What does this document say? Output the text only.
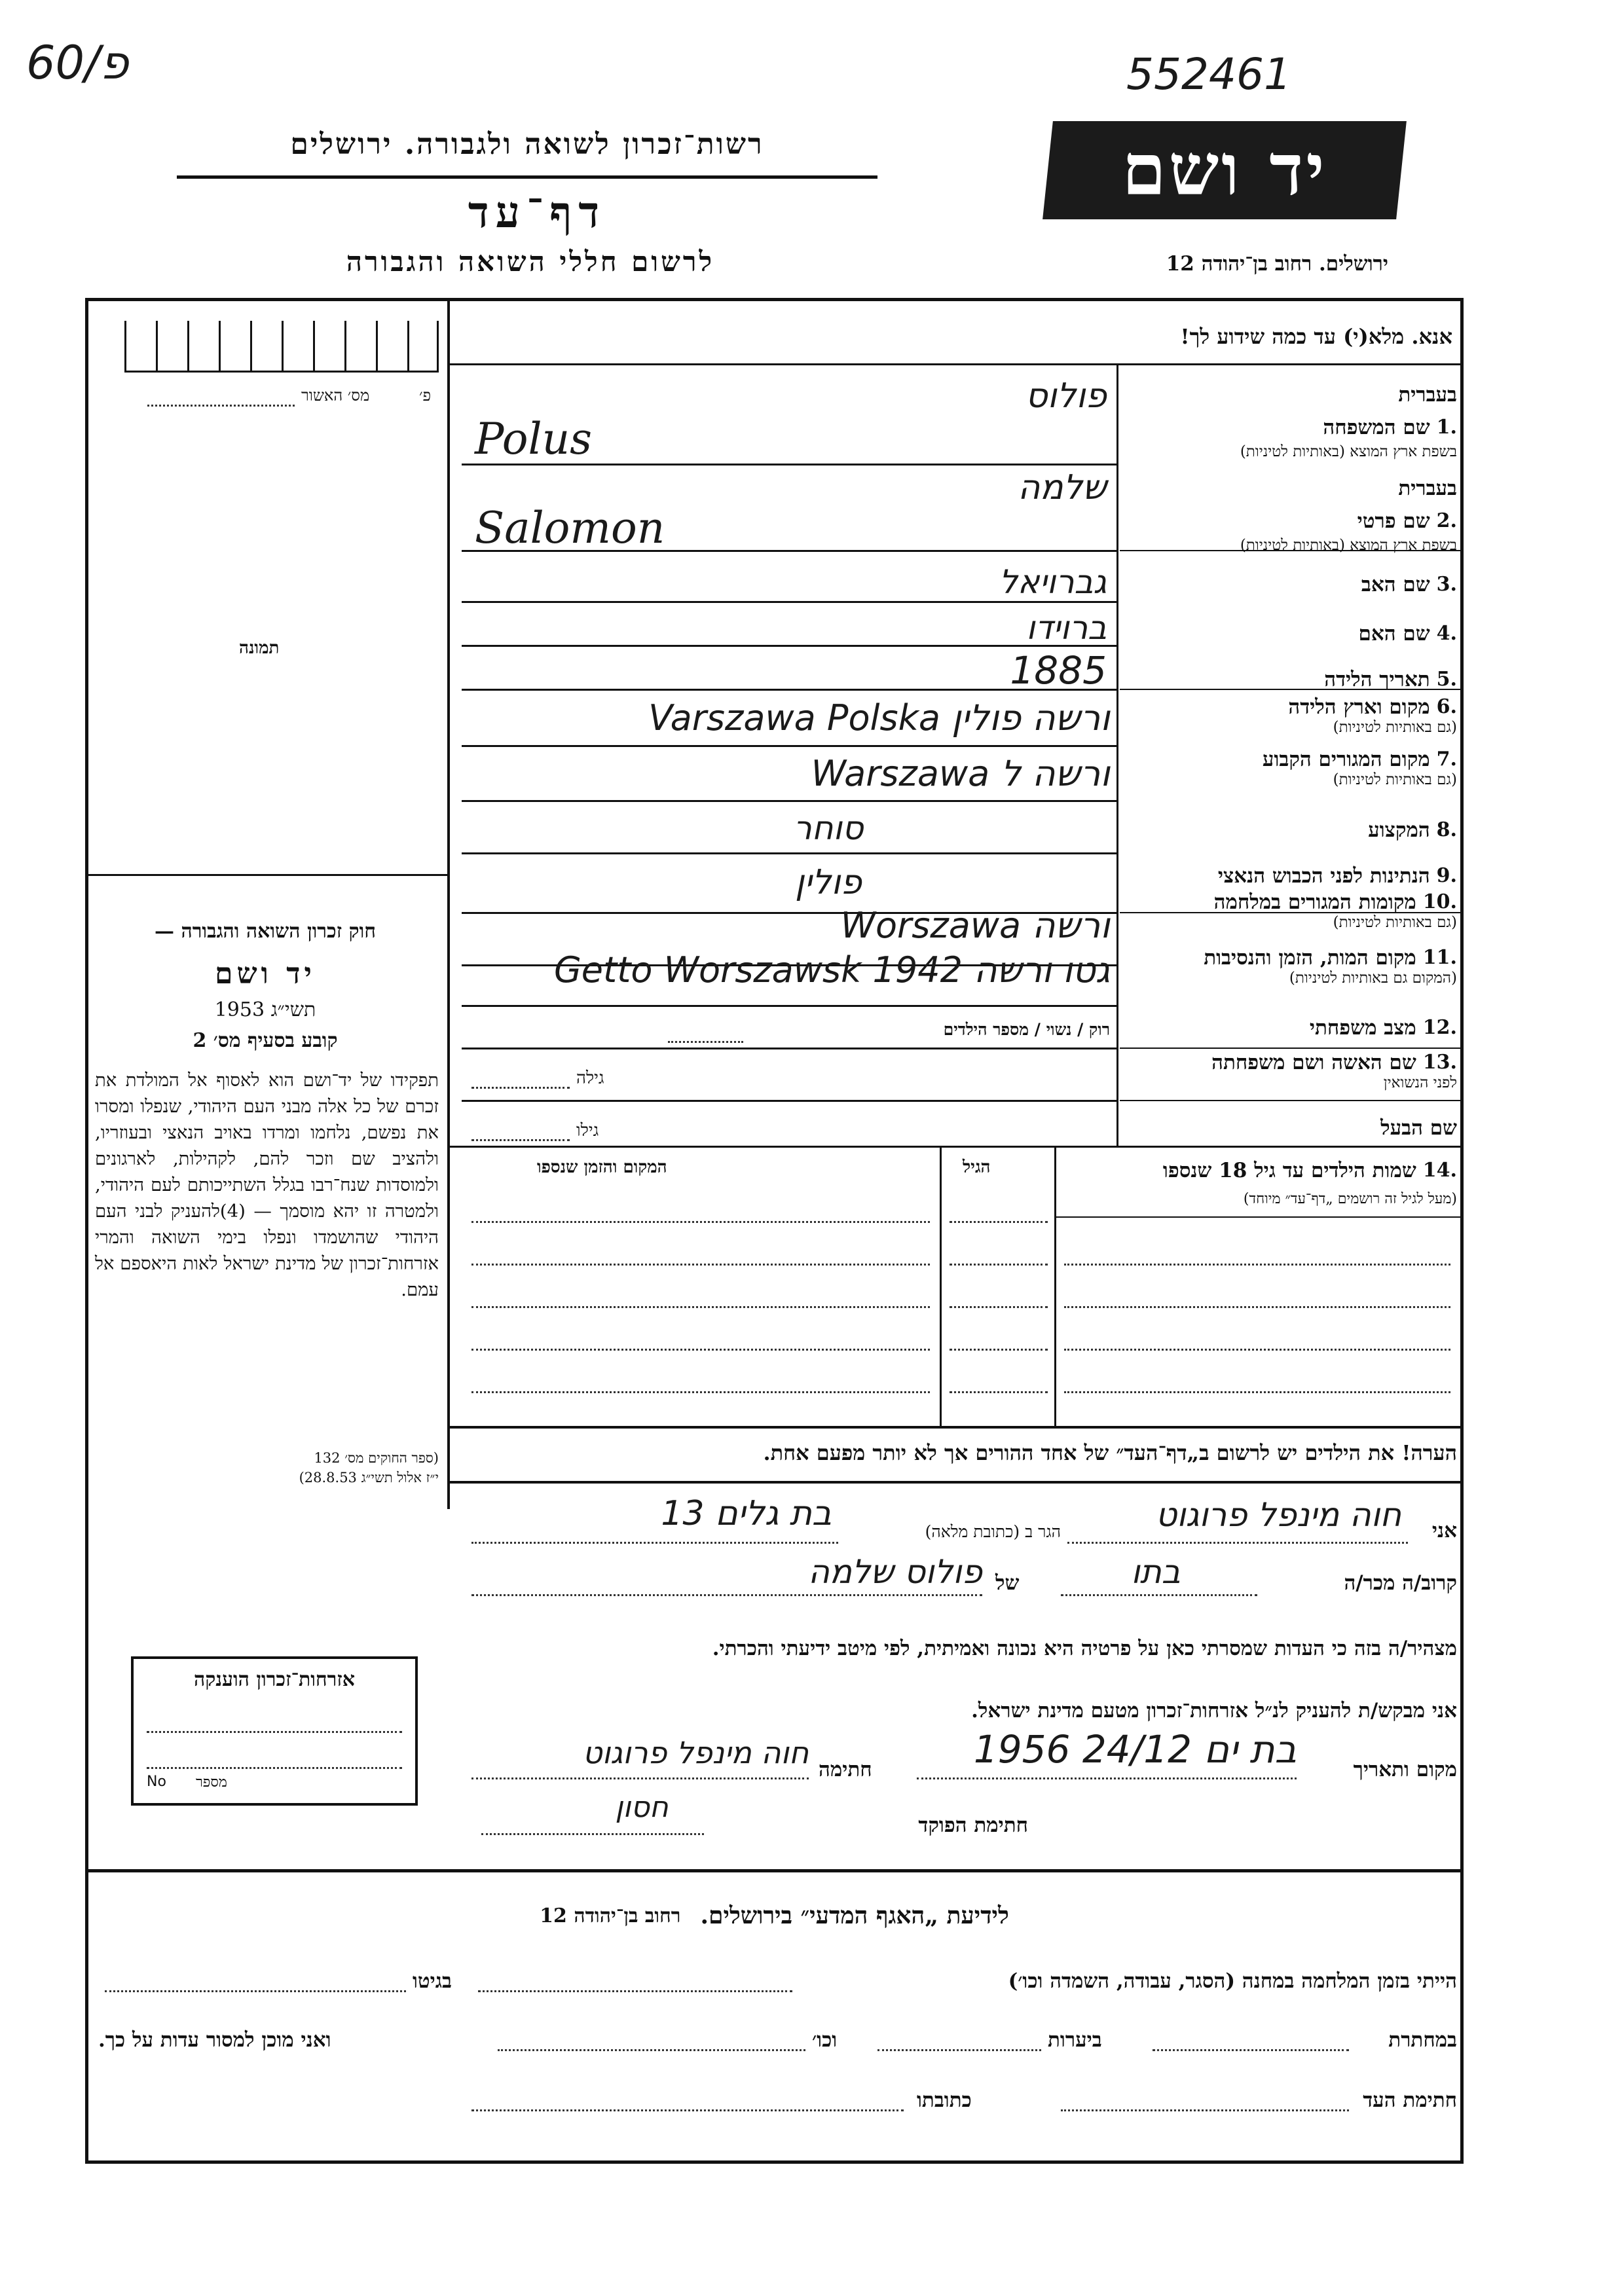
60/פ	552461
רשות־זכרון לשואה ולגבורה. ירושלים
דף־עד
לרשום חללי השואה והגבורה
יד ושם
ירושלים. רחוב בן־יהודה 12
אנא. מלא(י) עד כמה שידוע לך!
מס׳ האשור	פ׳
תמונה
חוק זכרון השואה והגבורה —
יד ושם
תשי״ג 1953
קובע בסעיף מס׳ 2
תפקידו של יד־ושם הוא לאסוף אל המולדת את זכרם של כל אלה מבני העם היהודי, שנפלו ומסרו את נפשם, נלחמו ומרדו באויב הנאצי ובעוזריו, ולהציב שם וזכר להם, לקהילות, לארגונים ולמוסדות שנח־רבו בגלל השתייכותם לעם היהודי, ולמטרה זו יהא מוסמך — (4)להעניק לבני העם היהודי שהושמדו ונפלו בימי השואה והמרי אזרחות־זכרון של מדינת ישראל לאות היאספם אל עמם.
(ספר החוקים מס׳ 132
י״ז אלול תשי״ג 28.8.53)
בעברית
1.
שם המשפחה
בשפת ארץ המוצא (באותיות לטיניות)
בעברית
2.
שם פרטי
בשפת ארץ המוצא (באותיות לטיניות)
3.
שם האב
4.
שם האם
5.
תאריך הלידה
6.
מקום וארץ הלידה
(גם באותיות לטיניות)
7.
מקום המגורים הקבוע
(גם באותיות לטיניות)
8.
המקצוע
9.
הנתינות לפני הכבוש הנאצי
10.
מקומות המגורים במלחמה
(גם באותיות לטיניות)
11.
מקום המות, הזמן והנסיבות
(המקום גם באותיות לטיניות)
12.
מצב משפחתי
13.
שם האשה ושם משפחתה
לפני הנשואין
שם הבעל
פולוס
Polus
שלמה
Salomon
גברויאל
ברוידו
1885
ורשה פולין Varszawa Polska
ורשה ל Warszawa
סוחר
פולין
ורשה Worszawa
גטו ורשה 1942 Getto Worszawsk
רוק / נשוי / מספר הילדים
גילה
גילו
14.
שמות הילדים עד גיל 18 שנספו
(מעל לגיל זה רושמים „דף־עד״ מיוחד)
הגיל
המקום והזמן שנספו
הערה! את הילדים יש לרשום ב„דף־העד״ של אחד ההורים אך לא יותר מפעם אחת.
אני
חוה מינפל פרוגוט
הגר ב (כתובת מלאה)
בת גלים 13
קרוב/ה מכר/ה
בתו
של
פולוס שלמה
מצהיר/ה בזה כי העדות שמסרתי כאן על פרטיה היא נכונה ואמיתית, לפי מיטב ידיעתי והכרתי.
אני מבקש/ת להעניק לנ״ל אזרחות־זכרון מטעם מדינת ישראל.
מקום ותאריך
בת ים 24/12 1956
חתימה
חוה מינפל פרוגוט
חתימת הפוקד
חסון
אזרחות־זכרון הוענקה
מספר
No
לידיעת „האגף המדעי״ בירושלים.
רחוב בן־יהודה 12
הייתי בזמן המלחמה במחנה (הסגר, עבודה, השמדה וכו׳)
בגיטו
במחתרת
ביערות
וכו׳
ואני מוכן למסור עדות על כך.
חתימת העד
כתובתו
